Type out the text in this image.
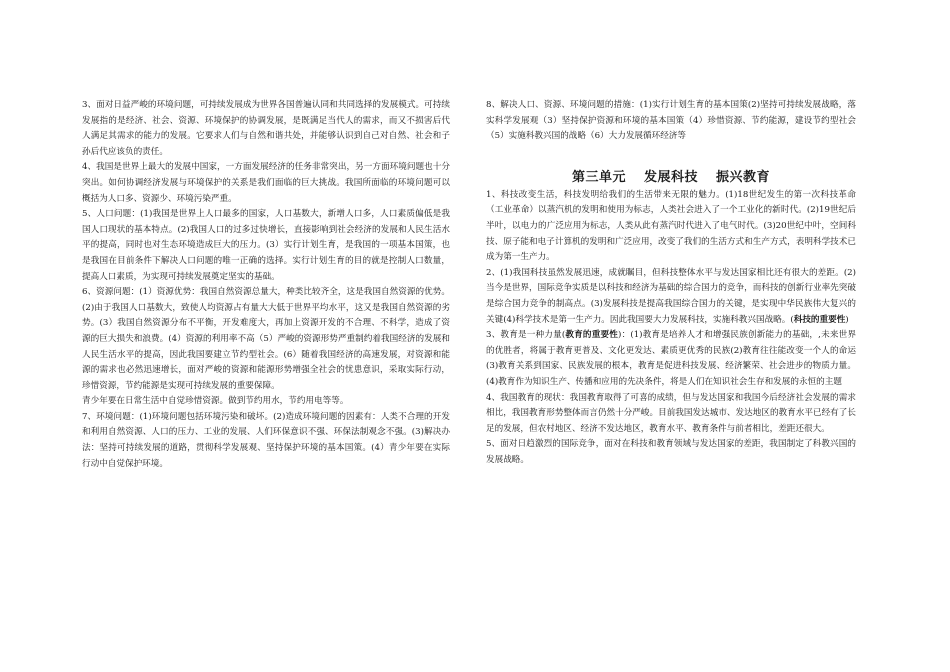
3、面对日益严峻的环境问题，可持续发展成为世界各国普遍认同和共同选择的发展模式。可持续发展指的是经济、社会、资源、环境保护的协调发展，是既满足当代人的需求，而又不损害后代人满足其需求的能力的发展。它要求人们与自然和谐共处，并能够认识到自己对自然、社会和子孙后代应该负的责任。

4、我国是世界上最大的发展中国家，一方面发展经济的任务非常突出，另一方面环境问题也十分突出。如何协调经济发展与环境保护的关系是我们面临的巨大挑战。我国所面临的环境问题可以概括为人口多、资源少、环境污染严重。

5、人口问题：(1)我国是世界上人口最多的国家，人口基数大，新增人口多，人口素质偏低是我国人口现状的基本特点。(2)我国人口的过多过快增长，直接影响到社会经济的发展和人民生活水平的提高，同时也对生态环境造成巨大的压力。(3）实行计划生育，是我国的一项基本国策，也是我国在目前条件下解决人口问题的唯一正确的选择。实行计划生育的目的就是控制人口数量，提高人口素质，为实现可持续发展奠定坚实的基础。

6、资源问题：(1）资源优势：我国自然资源总量大，种类比较齐全，这是我国自然资源的优势。(2)由于我国人口基数大，致使人均资源占有量大大低于世界平均水平，这又是我国自然资源的劣势。(3）我国自然资源分布不平衡，开发难度大，再加上资源开发的不合理、不科学，造成了资源的巨大损失和浪费。(4）资源的利用率不高（5）严峻的资源形势严重制约着我国经济的发展和人民生活水平的提高，因此我国要建立节约型社会。(6）随着我国经济的高速发展，对资源和能源的需求也必然迅速增长，面对严峻的资源和能源形势增强全社会的忧患意识，采取实际行动，珍惜资源，节约能源是实现可持续发展的重要保障。

青少年要在日常生活中自觉珍惜资源。做到节约用水，节约用电等等。

7、环境问题：(1)环境问题包括环境污染和破坏。(2)造成环境问题的因素有：人类不合理的开发和利用自然资源、人口的压力、工业的发展、人们环保意识不强、环保法制观念不强。(3)解决办法：坚持可持续发展的道路，贯彻科学发展观、坚持保护环境的基本国策。(4）青少年要在实际行动中自觉保护环境。

8、解决人口、资源、环境问题的措施：(1)实行计划生育的基本国策(2)坚持可持续发展战略，落实科学发展观（3）坚持保护资源和环境的基本国策（4）珍惜资源、节约能源，建设节约型社会（5）实施科教兴国的战略（6）大力发展循环经济等

第三单元 发展科技 振兴教育

1、科技改变生活，科技发明给我们的生活带来无限的魅力。(1)18世纪发生的第一次科技革命（工业革命）以蒸汽机的发明和使用为标志，人类社会进入了一个工业化的新时代。(2)19世纪后半叶，以电力的广泛应用为标志，人类从此有蒸汽时代进入了电气时代。(3)20世纪中叶，空间科技、原子能和电子计算机的发明和广泛应用，改变了我们的生活方式和生产方式，表明科学技术已成为第一生产力。

2、(1)我国科技虽然发展迅速，成就瞩目，但科技整体水平与发达国家相比还有很大的差距。(2)当今是世界，国际竞争实质是以科技和经济为基础的综合国力的竞争，而科技的创新行业率先突破是综合国力竞争的制高点。(3)发展科技是提高我国综合国力的关键，是实现中华民族伟大复兴的关键(4)科学技术是第一生产力。因此我国要大力发展科技，实施科教兴国战略。(科技的重要性)

3、教育是一种力量(教育的重要性)：(1)教育是培养人才和增强民族创新能力的基础，,未来世界的优胜者，将属于教育更普及、文化更发达、素质更优秀的民族(2)教育往往能改变一个人的命运(3)教育关系到国家、民族发展的根本，教育是促进科技发展、经济繁荣、社会进步的物质力量。(4)教育作为知识生产、传播和应用的先决条件，将是人们在知识社会生存和发展的永恒的主题

4、我国教育的现状：我国教育取得了可喜的成绩，但与发达国家和我国今后经济社会发展的需求相比，我国教育形势整体而言仍然十分严峻。目前我国发达城市、发达地区的教育水平已经有了长足的发展，但农村地区、经济不发达地区，教育水平、教育条件与前者相比，差距还很大。

5、面对日趋激烈的国际竞争，面对在科技和教育领域与发达国家的差距，我国制定了科教兴国的发展战略。
